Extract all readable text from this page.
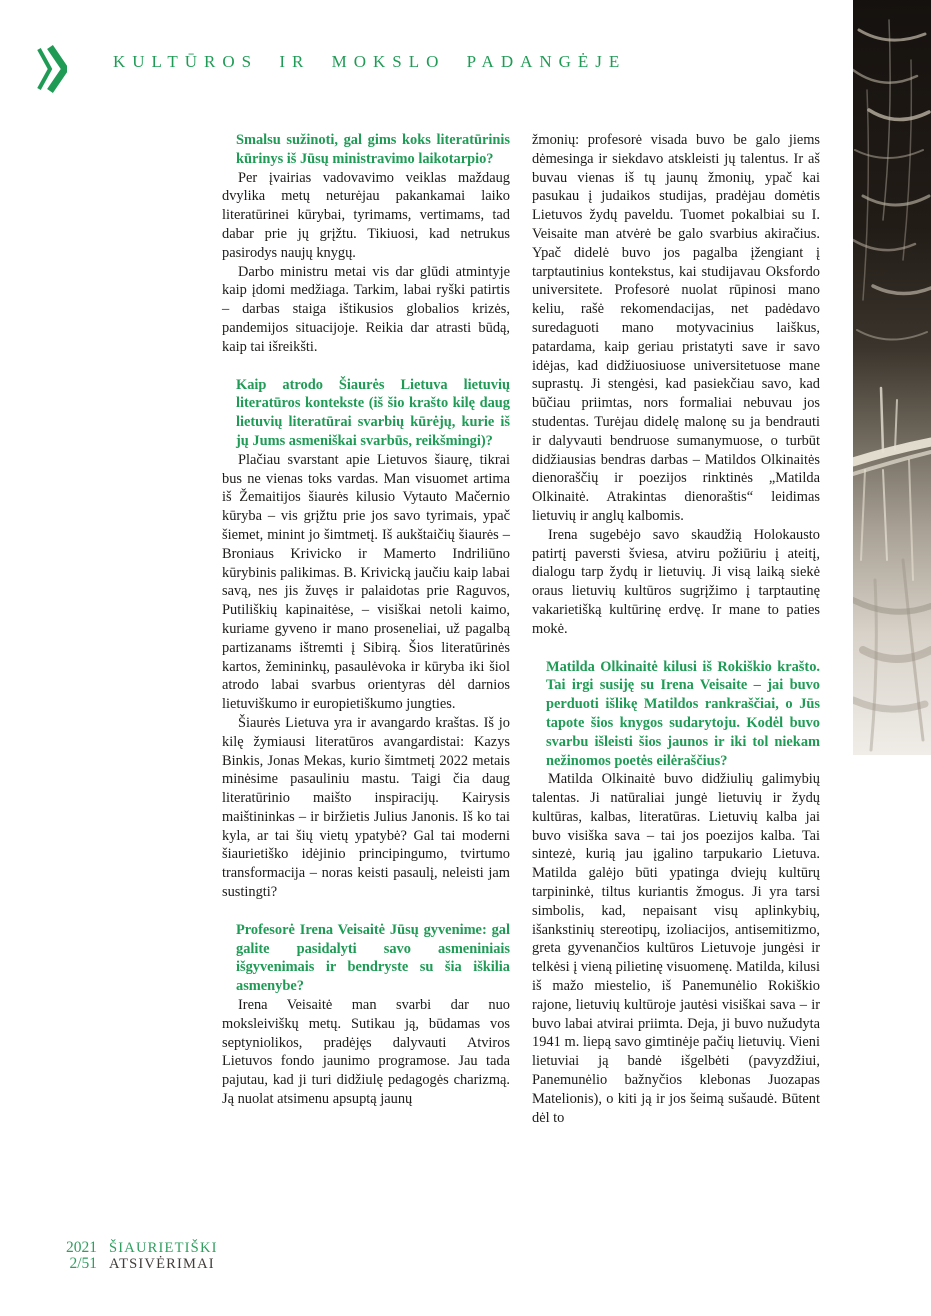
KULTŪROS IR MOKSLO PADANGĖJE

Smalsu sužinoti, gal gims koks literatūrinis kūrinys iš Jūsų ministravimo laikotarpio?

Per įvairias vadovavimo veiklas maždaug dvylika metų neturėjau pakankamai laiko literatūrinei kūrybai, tyrimams, vertimams, tad dabar prie jų grįžtu. Tikiuosi, kad netrukus pasirodys naujų knygų.

Darbo ministru metai vis dar glūdi atmintyje kaip įdomi medžiaga. Tarkim, labai ryški patirtis – darbas staiga ištikusios globalios krizės, pandemijos situacijoje. Reikia dar atrasti būdą, kaip tai išreikšti.

Kaip atrodo Šiaurės Lietuva lietuvių literatūros kontekste (iš šio krašto kilę daug lietuvių literatūrai svarbių kūrėjų, kurie iš jų Jums asmeniškai svarbūs, reikšmingi)?

Plačiau svarstant apie Lietuvos šiaurę, tikrai bus ne vienas toks vardas. Man visuomet artima iš Žemaitijos šiaurės kilusio Vytauto Mačernio kūryba – vis grįžtu prie jos savo tyrimais, ypač šiemet, minint jo šimtmetį. Iš aukštaičių šiaurės – Broniaus Krivicko ir Mamerto Indriliūno kūrybinis palikimas. B. Krivicką jaučiu kaip labai savą, nes jis žuvęs ir palaidotas prie Raguvos, Putiliškių kapinaitėse, – visiškai netoli kaimo, kuriame gyveno ir mano proseneliai, už pagalbą partizanams ištremti į Sibirą. Šios literatūrinės kartos, žemininkų, pasaulėvoka ir kūryba iki šiol atrodo labai svarbus orientyras dėl darnios lietuviškumo ir europietiškumo jungties.

Šiaurės Lietuva yra ir avangardo kraštas. Iš jo kilę žymiausi literatūros avangardistai: Kazys Binkis, Jonas Mekas, kurio šimtmetį 2022 metais minėsime pasauliniu mastu. Taigi čia daug literatūrinio maišto inspiracijų. Kairysis maištininkas – ir biržietis Julius Janonis. Iš ko tai kyla, ar tai šių vietų ypatybė? Gal tai moderni šiaurietiško idėjinio principingumo, tvirtumo transformacija – noras keisti pasaulį, neleisti jam sustingti?

Profesorė Irena Veisaitė Jūsų gyvenime: gal galite pasidalyti savo asmeniniais išgyvenimais ir bendryste su šia iškilia asmenybe?

Irena Veisaitė man svarbi dar nuo moksleiviškų metų. Sutikau ją, būdamas vos septyniolikos, pradėjęs dalyvauti Atviros Lietuvos fondo jaunimo programose. Jau tada pajutau, kad ji turi didžiulę pedagogės charizmą. Ją nuolat atsimenu apsuptą jaunų

žmonių: profesorė visada buvo be galo jiems dėmesinga ir siekdavo atskleisti jų talentus. Ir aš buvau vienas iš tų jaunų žmonių, ypač kai pasukau į judaikos studijas, pradėjau domėtis Lietuvos žydų paveldu. Tuomet pokalbiai su I. Veisaite man atvėrė be galo svarbius akiračius. Ypač didelė buvo jos pagalba įžengiant į tarptautinius kontekstus, kai studijavau Oksfordo universitete. Profesorė nuolat rūpinosi mano keliu, rašė rekomendacijas, net padėdavo suredaguoti mano motyvacinius laiškus, patardama, kaip geriau pristatyti save ir savo idėjas, kad didžiuosiuose universitetuose mane suprastų. Ji stengėsi, kad pasiekčiau savo, kad būčiau priimtas, nors formaliai nebuvau jos studentas. Turėjau didelę malonę su ja bendrauti ir dalyvauti bendruose sumanymuose, o turbūt didžiausias bendras darbas – Matildos Olkinaitės dienoraščių ir poezijos rinktinės „Matilda Olkinaitė. Atrakintas dienoraštis“ leidimas lietuvių ir anglų kalbomis.

Irena sugebėjo savo skaudžią Holokausto patirtį paversti šviesa, atviru požiūriu į ateitį, dialogu tarp žydų ir lietuvių. Ji visą laiką siekė oraus lietuvių kultūros sugrįžimo į tarptautinę vakarietišką kultūrinę erdvę. Ir mane to paties mokė.

Matilda Olkinaitė kilusi iš Rokiškio krašto. Tai irgi susiję su Irena Veisaite – jai buvo perduoti išlikę Matildos rankraščiai, o Jūs tapote šios knygos sudarytoju. Kodėl buvo svarbu išleisti šios jaunos ir iki tol niekam nežinomos poetės eilėraščius?

Matilda Olkinaitė buvo didžiulių galimybių talentas. Ji natūraliai jungė lietuvių ir žydų kultūras, kalbas, literatūras. Lietuvių kalba jai buvo visiška sava – tai jos poezijos kalba. Tai sintezė, kurią jau įgalino tarpukario Lietuva. Matilda galėjo būti ypatinga dviejų kultūrų tarpininkė, tiltus kuriantis žmogus. Ji yra tarsi simbolis, kad, nepaisant visų aplinkybių, išankstinių stereotipų, izoliacijos, antisemitizmo, greta gyvenančios kultūros Lietuvoje jungėsi ir telkėsi į vieną pilietinę visuomenę. Matilda, kilusi iš mažo miestelio, iš Panemunėlio Rokiškio rajone, lietuvių kultūroje jautėsi visiškai sava – ir buvo labai atvirai priimta. Deja, ji buvo nužudyta 1941 m. liepą savo gimtinėje pačių lietuvių. Vieni lietuviai ją bandė išgelbėti (pavyzdžiui, Panemunėlio bažnyčios klebonas Juozapas Matelionis), o kiti ją ir jos šeimą sušaudė. Būtent dėl to

2021
2/51
ŠIAURIETIŠKI
ATSIVĖRIMAI
